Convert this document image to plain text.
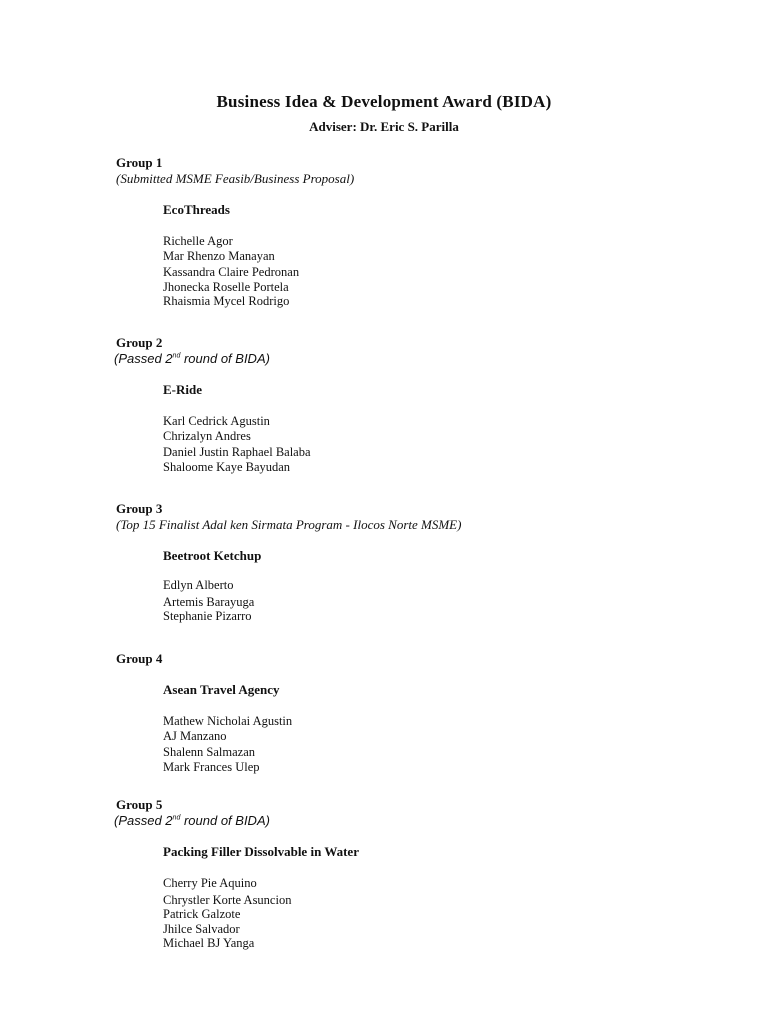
Business Idea & Development Award (BIDA)
Adviser: Dr. Eric S. Parilla
Group 1
(Submitted MSME Feasib/Business Proposal)
EcoThreads
Richelle Agor
Mar Rhenzo Manayan
Kassandra Claire Pedronan
Jhonecka Roselle Portela
Rhaismia Mycel Rodrigo
Group 2
(Passed 2nd round of BIDA)
E-Ride
Karl Cedrick Agustin
Chrizalyn Andres
Daniel Justin Raphael Balaba
Shaloome Kaye Bayudan
Group 3
(Top 15 Finalist Adal ken Sirmata Program - Ilocos Norte MSME)
Beetroot Ketchup
Edlyn Alberto
Artemis Barayuga
Stephanie Pizarro
Group 4
Asean Travel Agency
Mathew Nicholai Agustin
AJ Manzano
Shalenn Salmazan
Mark Frances Ulep
Group 5
(Passed 2nd round of BIDA)
Packing Filler Dissolvable in Water
Cherry Pie Aquino
Chrystler Korte Asuncion
Patrick Galzote
Jhilce Salvador
Michael BJ Yanga
